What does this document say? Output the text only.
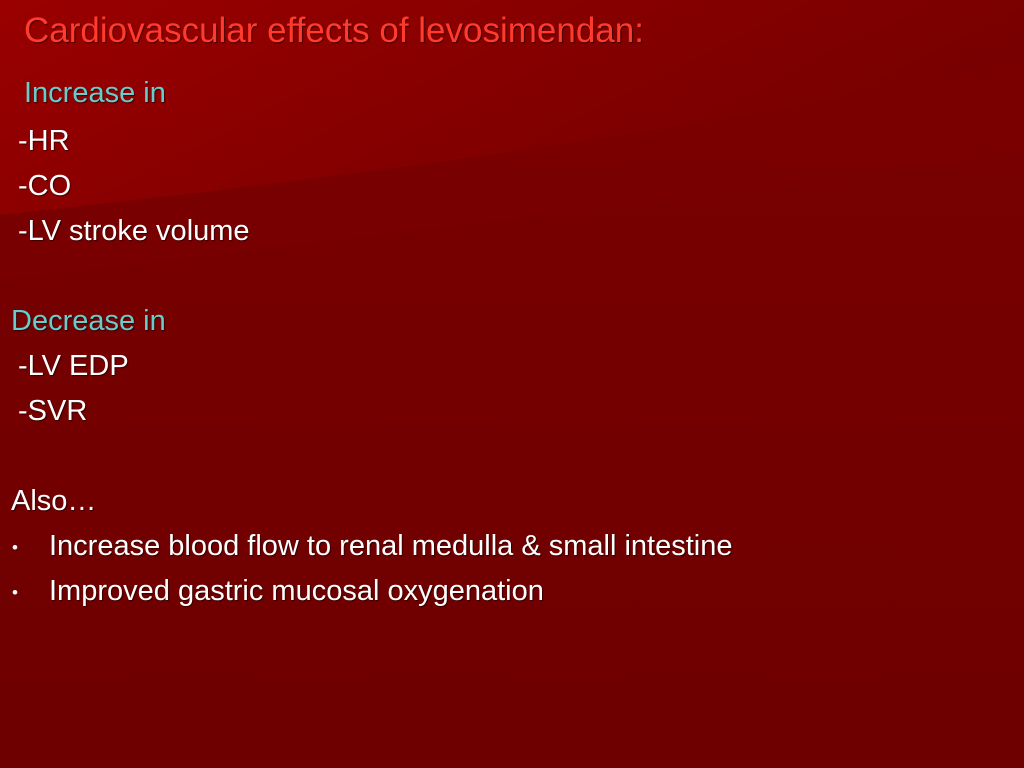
Cardiovascular effects of levosimendan:
Increase in
-HR
-CO
-LV stroke volume
Decrease in
-LV EDP
-SVR
Also…
• Increase blood flow to renal medulla & small intestine
• Improved gastric mucosal oxygenation
